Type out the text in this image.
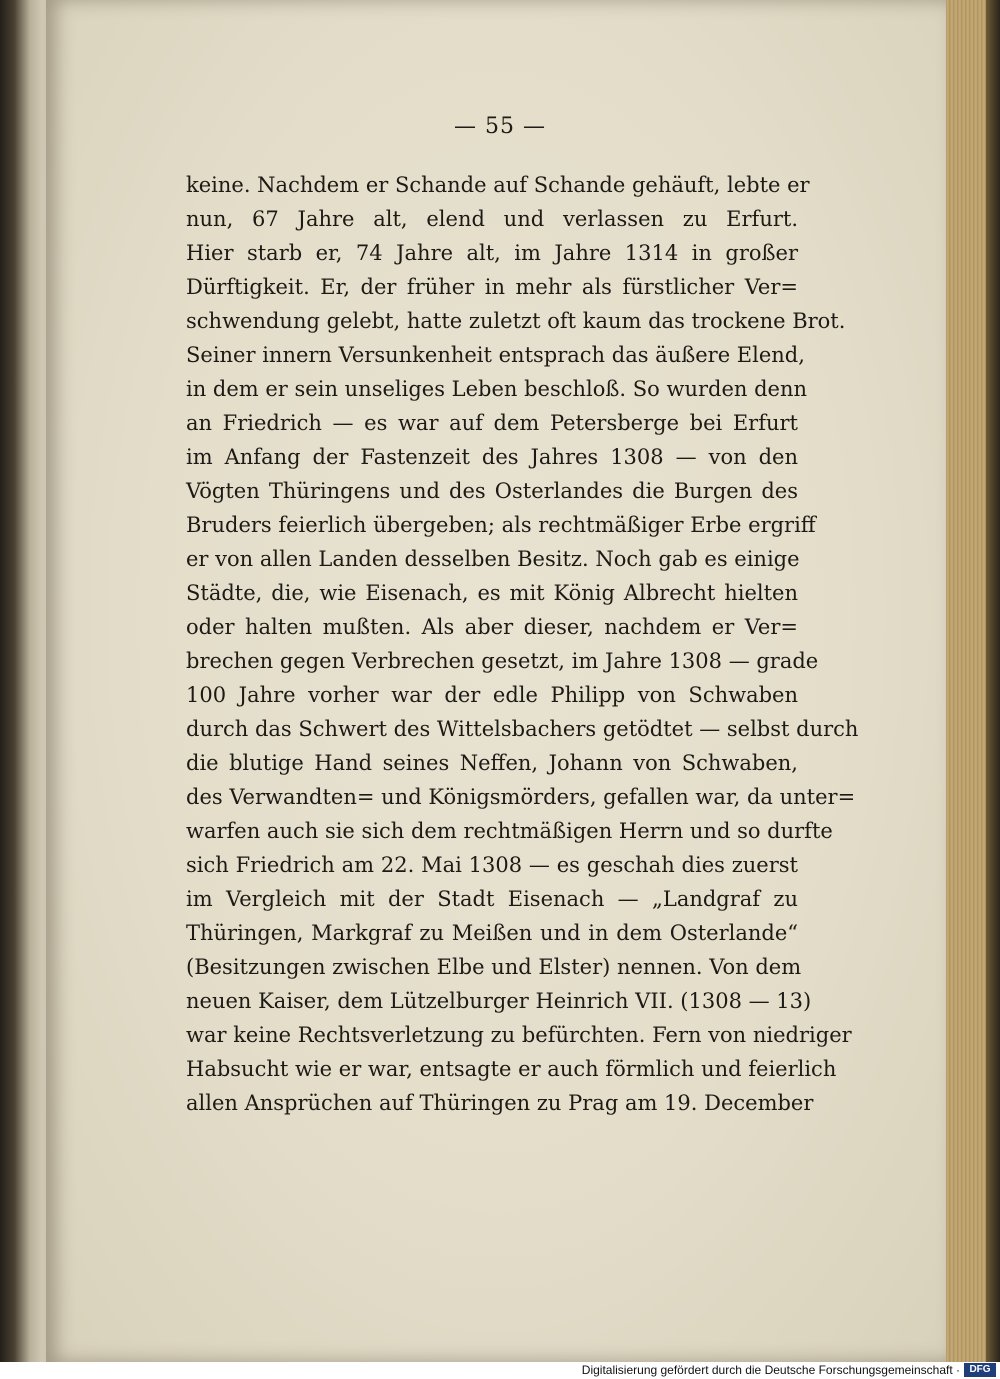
— 55 —
keine. Nachdem er Schande auf Schande gehäuft, lebte er
nun, 67 Jahre alt, elend und verlassen zu Erfurt.
Hier starb er, 74 Jahre alt, im Jahre 1314 in großer
Dürftigkeit. Er, der früher in mehr als fürstlicher Ver=
schwendung gelebt, hatte zuletzt oft kaum das trockene Brot.
Seiner innern Versunkenheit entsprach das äußere Elend,
in dem er sein unseliges Leben beschloß. So wurden denn
an Friedrich — es war auf dem Petersberge bei Erfurt
im Anfang der Fastenzeit des Jahres 1308 — von den
Vögten Thüringens und des Osterlandes die Burgen des
Bruders feierlich übergeben; als rechtmäßiger Erbe ergriff
er von allen Landen desselben Besitz. Noch gab es einige
Städte, die, wie Eisenach, es mit König Albrecht hielten
oder halten mußten. Als aber dieser, nachdem er Ver=
brechen gegen Verbrechen gesetzt, im Jahre 1308 — grade
100 Jahre vorher war der edle Philipp von Schwaben
durch das Schwert des Wittelsbachers getödtet — selbst durch
die blutige Hand seines Neffen, Johann von Schwaben,
des Verwandten= und Königsmörders, gefallen war, da unter=
warfen auch sie sich dem rechtmäßigen Herrn und so durfte
sich Friedrich am 22. Mai 1308 — es geschah dies zuerst
im Vergleich mit der Stadt Eisenach — „Landgraf zu
Thüringen, Markgraf zu Meißen und in dem Osterlande“
(Besitzungen zwischen Elbe und Elster) nennen. Von dem
neuen Kaiser, dem Lützelburger Heinrich VII. (1308 — 13)
war keine Rechtsverletzung zu befürchten. Fern von niedriger
Habsucht wie er war, entsagte er auch förmlich und feierlich
allen Ansprüchen auf Thüringen zu Prag am 19. December
Digitalisierung gefördert durch die Deutsche Forschungsgemeinschaft · DFG
